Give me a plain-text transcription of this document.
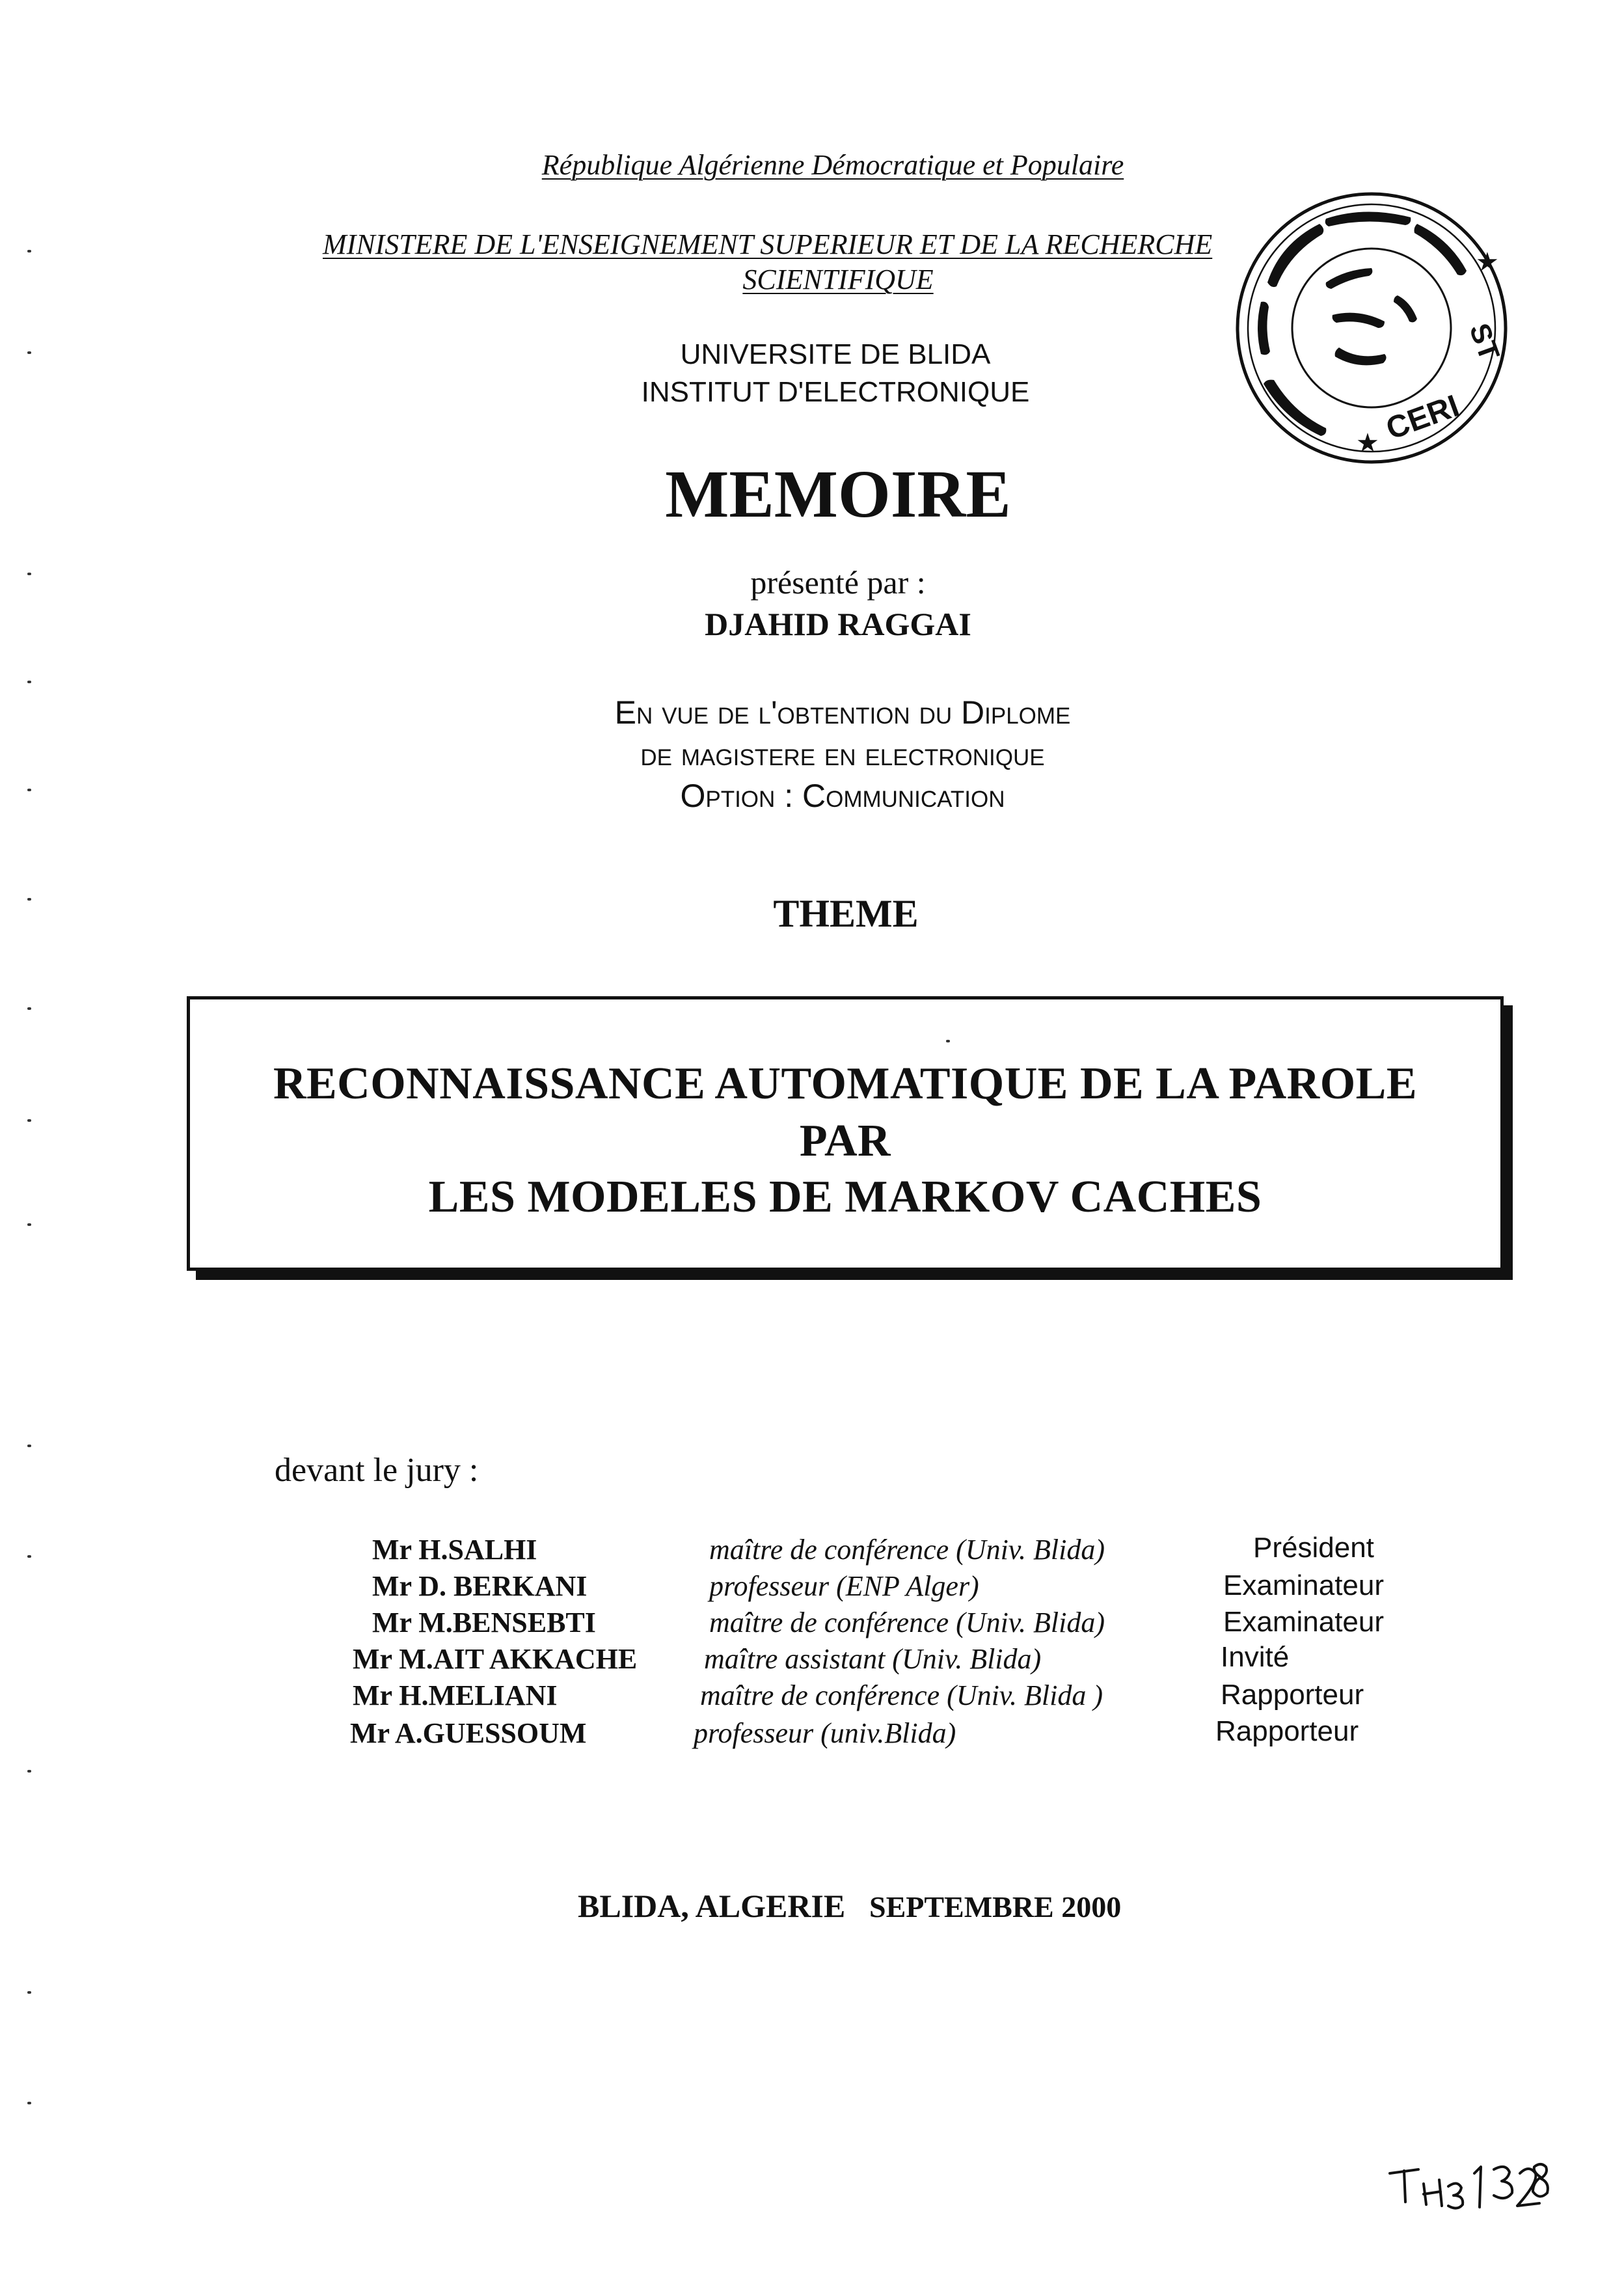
République Algérienne Démocratique et Populaire
MINISTERE DE L'ENSEIGNEMENT SUPERIEUR ET DE LA RECHERCHE
SCIENTIFIQUE
UNIVERSITE DE BLIDA
INSTITUT D'ELECTRONIQUE
MEMOIRE
présenté par :
DJAHID RAGGAI
En vue de l'obtention du Diplome
de magistere en electronique
Option : Communication
THEME
RECONNAISSANCE AUTOMATIQUE DE LA PAROLE
PAR
LES MODELES DE MARKOV CACHES
devant le jury :
Mr H.SALHI	maître de conférence (Univ. Blida)	Président
Mr D. BERKANI	professeur (ENP Alger)	Examinateur
Mr M.BENSEBTI	maître de conférence (Univ. Blida)	Examinateur
Mr M.AIT AKKACHE maître assistant (Univ. Blida)	Invité
Mr H.MELIANI	maître de conférence (Univ. Blida )	Rapporteur
Mr A.GUESSOUM	professeur (univ.Blida)	Rapporteur
BLIDA, ALGERIE SEPTEMBRE 2000
ST
CERI
★
★
